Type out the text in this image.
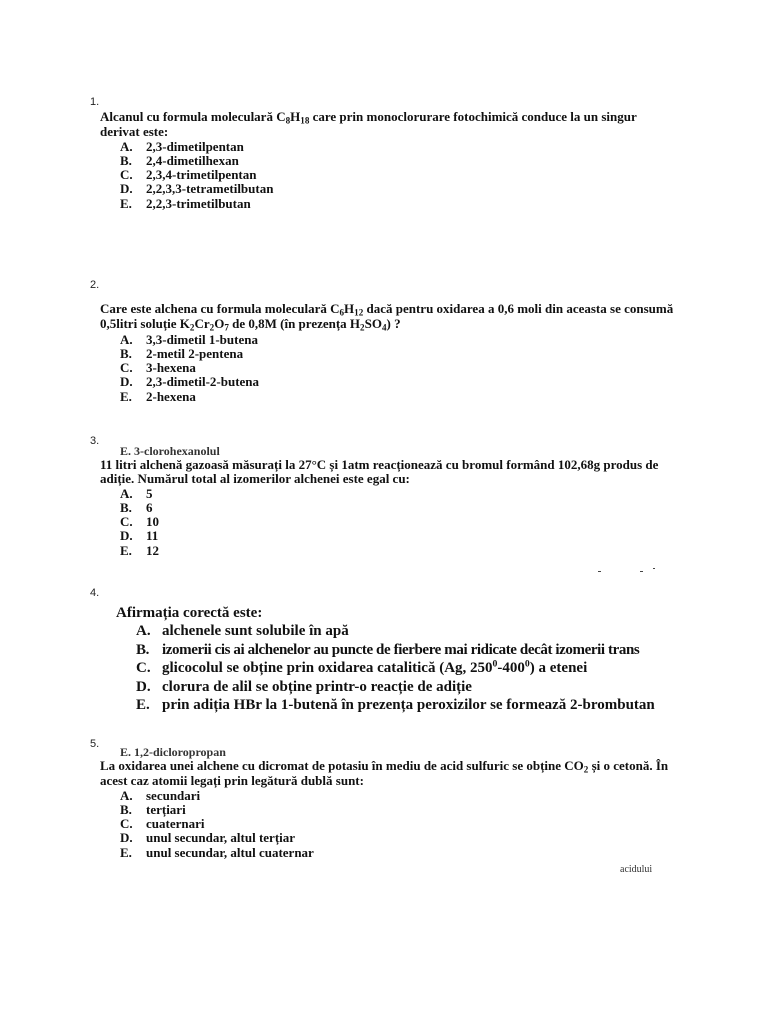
1.

Alcanul cu formula moleculară $C_8H_{18}$ care prin monoclorurare fotochimică conduce la un singur derivat este:

A. 2,3-dimetilpentan
B. 2,4-dimetilhexan
C. 2,3,4-trimetilpentan
D. 2,2,3,3-tetrametilbutan
E. 2,2,3-trimetilbutan
2.

Care este alchena cu formula moleculară $C_6H_{12}$ dacă pentru oxidarea a 0,6 moli din aceasta se consumă 0,5litri soluție $K_2Cr_2O_7$ de 0,8M (în prezența $H_2SO_4$) ?

A. 3,3-dimetil 1-butena
B. 2-metil 2-pentena
C. 3-hexena
D. 2,3-dimetil-2-butena
E. 2-hexena
3.
E. 3-clorohexanolul

11 litri alchenă gazoasă măsurați la 27°C și 1atm reacționează cu bromul formând 102,68g produs de adiție. Numărul total al izomerilor alchenei este egal cu:

A. 5
B. 6
C. 10
D. 11
E. 12
4.

Afirmația corectă este:

A. alchenele sunt solubile în apă
B. izomerii cis ai alchenelor au puncte de fierbere mai ridicate decât izomerii trans
C. glicocolul se obține prin oxidarea catalitică (Ag, $250^0-400^0$) a etenei
D. clorura de alil se obține printr-o reacție de adiție
E. prin adiția HBr la 1-butenă în prezența peroxizilor se formează 2-brombutan
5.
E. 1,2-dicloropropan

La oxidarea unei alchene cu dicromat de potasiu în mediu de acid sulfuric se obține $CO_2$ și o cetonă. În acest caz atomii legați prin legătură dublă sunt:

A. secundari
B. terțiari
C. cuaternari
D. unul secundar, altul terțiar
E. unul secundar, altul cuaternar
acidului
